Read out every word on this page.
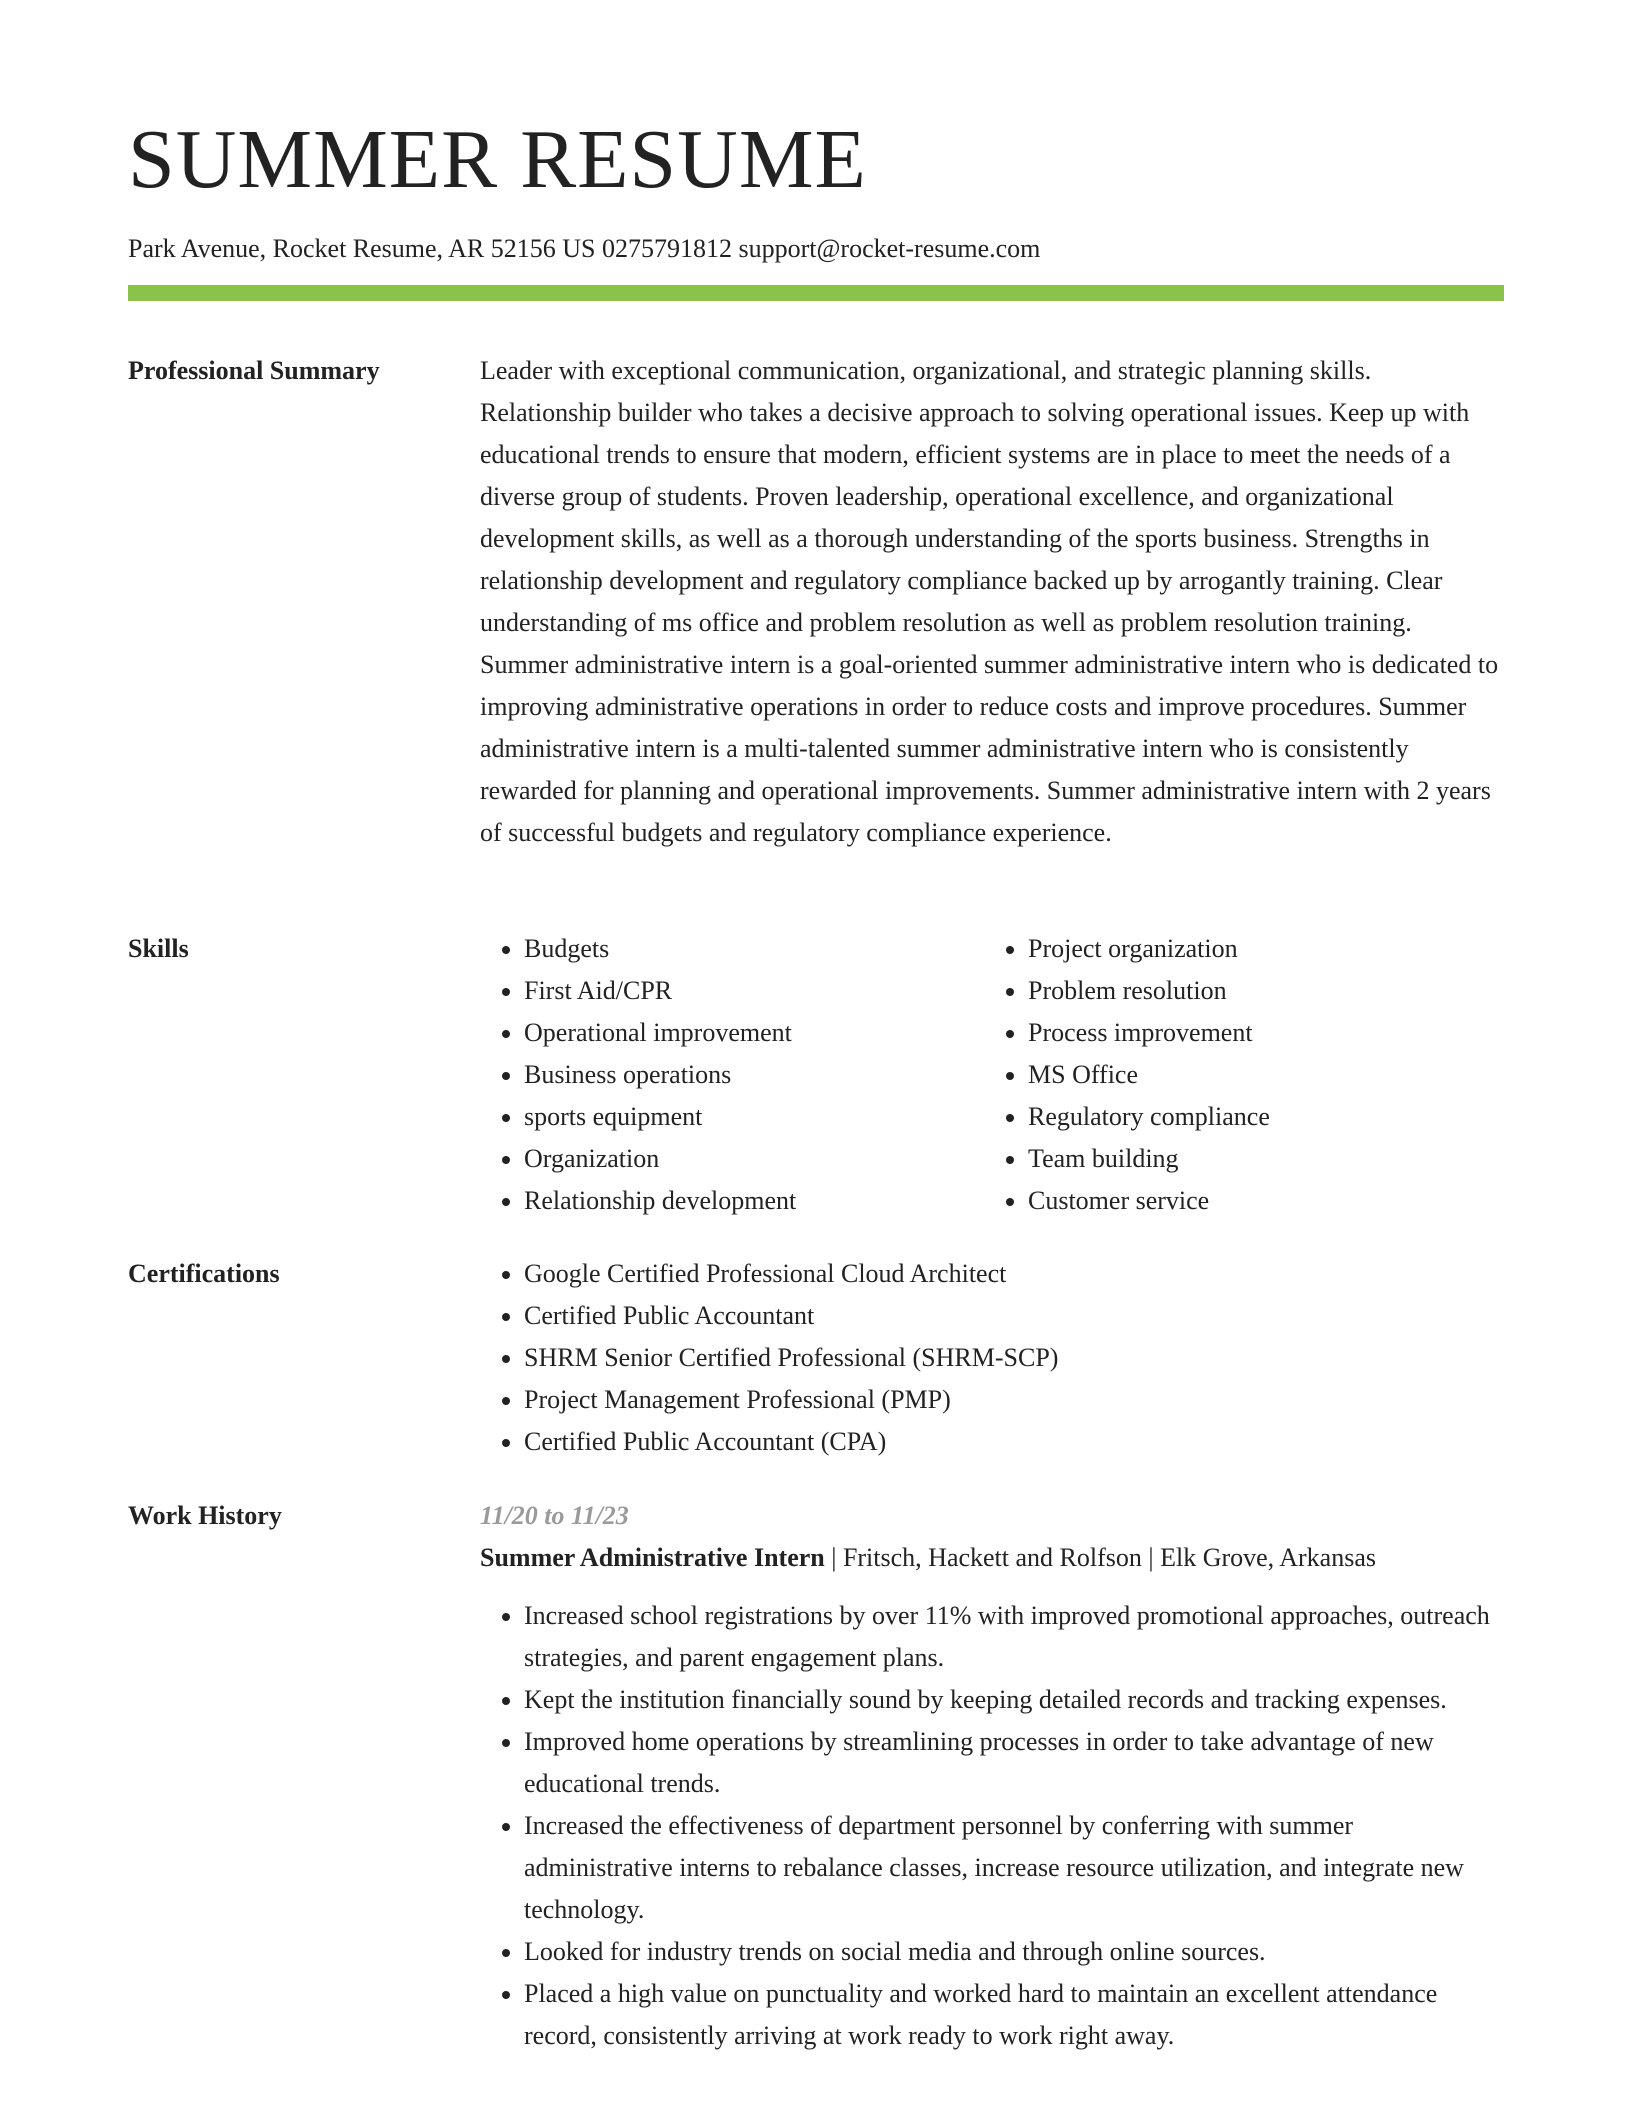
SUMMER RESUME
Park Avenue, Rocket Resume, AR 52156 US 0275791812 support@rocket-resume.com
Professional Summary	Leader with exceptional communication, organizational, and strategic planning skills. Relationship builder who takes a decisive approach to solving operational issues. Keep up with educational trends to ensure that modern, efficient systems are in place to meet the needs of a diverse group of students. Proven leadership, operational excellence, and organizational development skills, as well as a thorough understanding of the sports business. Strengths in relationship development and regulatory compliance backed up by arrogantly training. Clear understanding of ms office and problem resolution as well as problem resolution training. Summer administrative intern is a goal-oriented summer administrative intern who is dedicated to improving administrative operations in order to reduce costs and improve procedures. Summer administrative intern is a multi-talented summer administrative intern who is consistently rewarded for planning and operational improvements. Summer administrative intern with 2 years of successful budgets and regulatory compliance experience.

Skills	• Budgets
• First Aid/CPR
• Operational improvement
• Business operations
• sports equipment
• Organization
• Relationship development
• Project organization
• Problem resolution
• Process improvement
• MS Office
• Regulatory compliance
• Team building
• Customer service
Certifications	• Google Certified Professional Cloud Architect
• Certified Public Accountant
• SHRM Senior Certified Professional (SHRM-SCP)
• Project Management Professional (PMP)
• Certified Public Accountant (CPA)
Work History	11/20 to 11/23
Summer Administrative Intern | Fritsch, Hackett and Rolfson | Elk Grove, Arkansas
• Increased school registrations by over 11% with improved promotional approaches, outreach strategies, and parent engagement plans.
• Kept the institution financially sound by keeping detailed records and tracking expenses.
• Improved home operations by streamlining processes in order to take advantage of new educational trends.
• Increased the effectiveness of department personnel by conferring with summer administrative interns to rebalance classes, increase resource utilization, and integrate new technology.
• Looked for industry trends on social media and through online sources.
• Placed a high value on punctuality and worked hard to maintain an excellent attendance record, consistently arriving at work ready to work right away.
